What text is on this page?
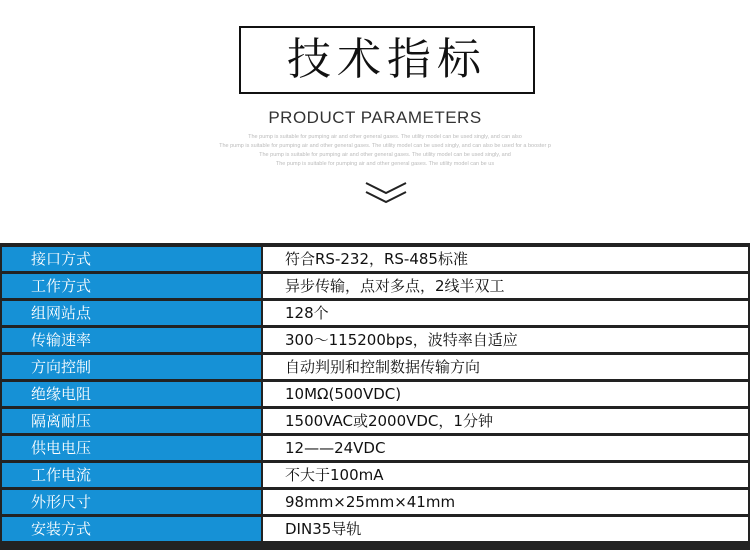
技术指标
PRODUCT PARAMETERS
The pump is suitable for pumping air and other general gases. The utility model can be used singly, and can also
The pump is suitable for pumping air and other general gases. The utility model can be used singly, and can also be used for a booster p
The pump is suitable for pumping air and other general gases. The utility model can be used singly, and
The pump is suitable for pumping air and other general gases. The utility model can be us
接口方式	符合RS-232，RS-485标准
工作方式	异步传输，点对多点，2线半双工
组网站点	128个
传输速率	300～115200bps，波特率自适应
方向控制	自动判别和控制数据传输方向
绝缘电阻	10MΩ(500VDC)
隔离耐压	1500VAC或2000VDC，1分钟
供电电压	12——24VDC
工作电流	不大于100mA
外形尺寸	98mm×25mm×41mm
安装方式	DIN35导轨
